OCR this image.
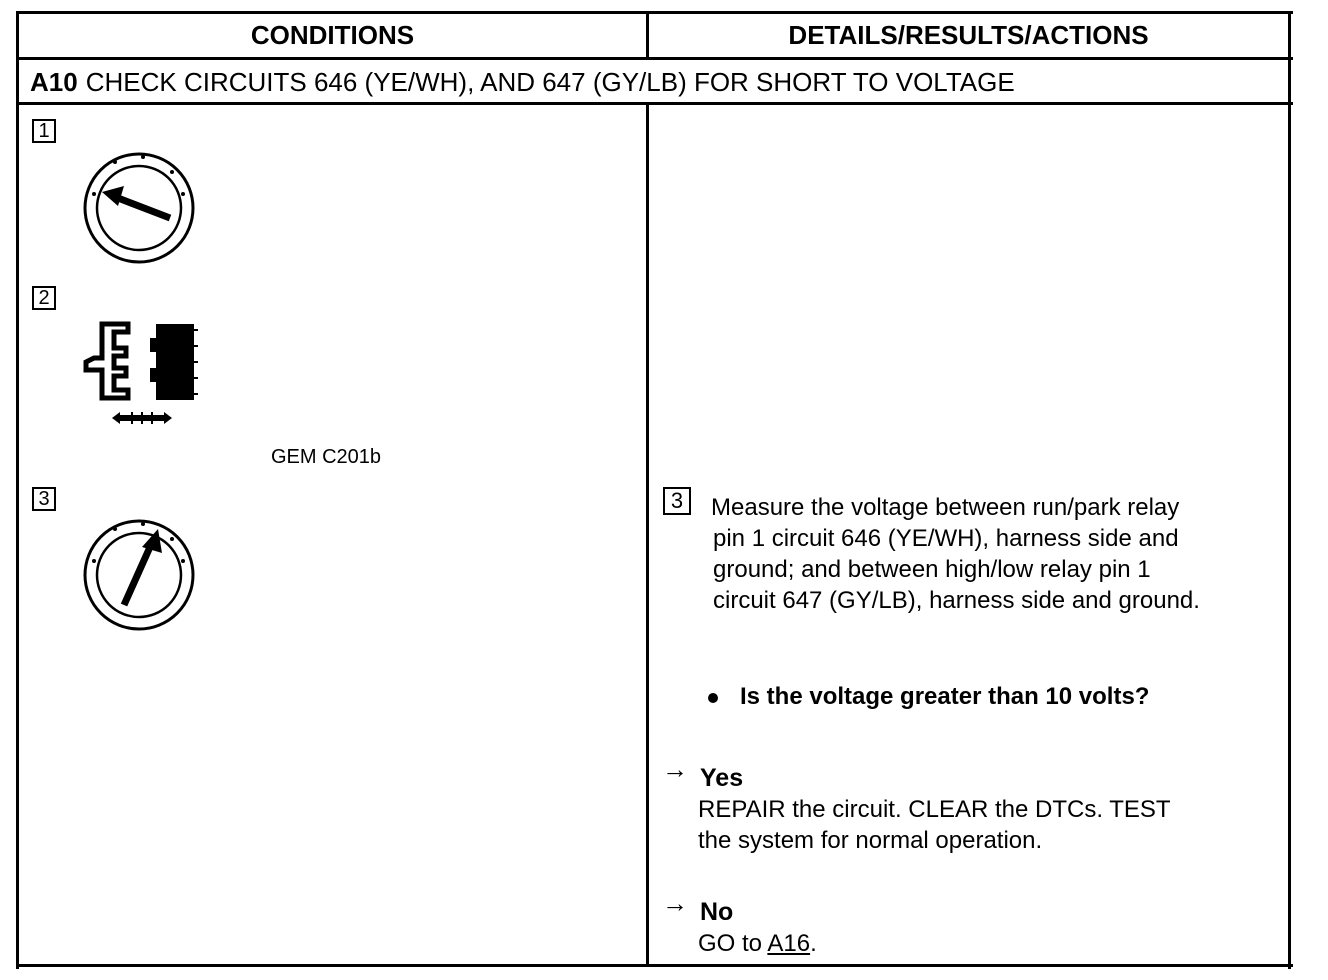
CONDITIONS	DETAILS/RESULTS/ACTIONS
A10 CHECK CIRCUITS 646 (YE/WH), AND 647 (GY/LB) FOR SHORT TO VOLTAGE
1
2
GEM C201b
3	3	Measure the voltage between run/park relay
pin 1 circuit 646 (YE/WH), harness side and
ground; and between high/low relay pin 1
circuit 647 (GY/LB), harness side and ground.
Is the voltage greater than 10 volts?
→ Yes
REPAIR the circuit. CLEAR the DTCs. TEST
the system for normal operation.
→ No
GO to A16.
